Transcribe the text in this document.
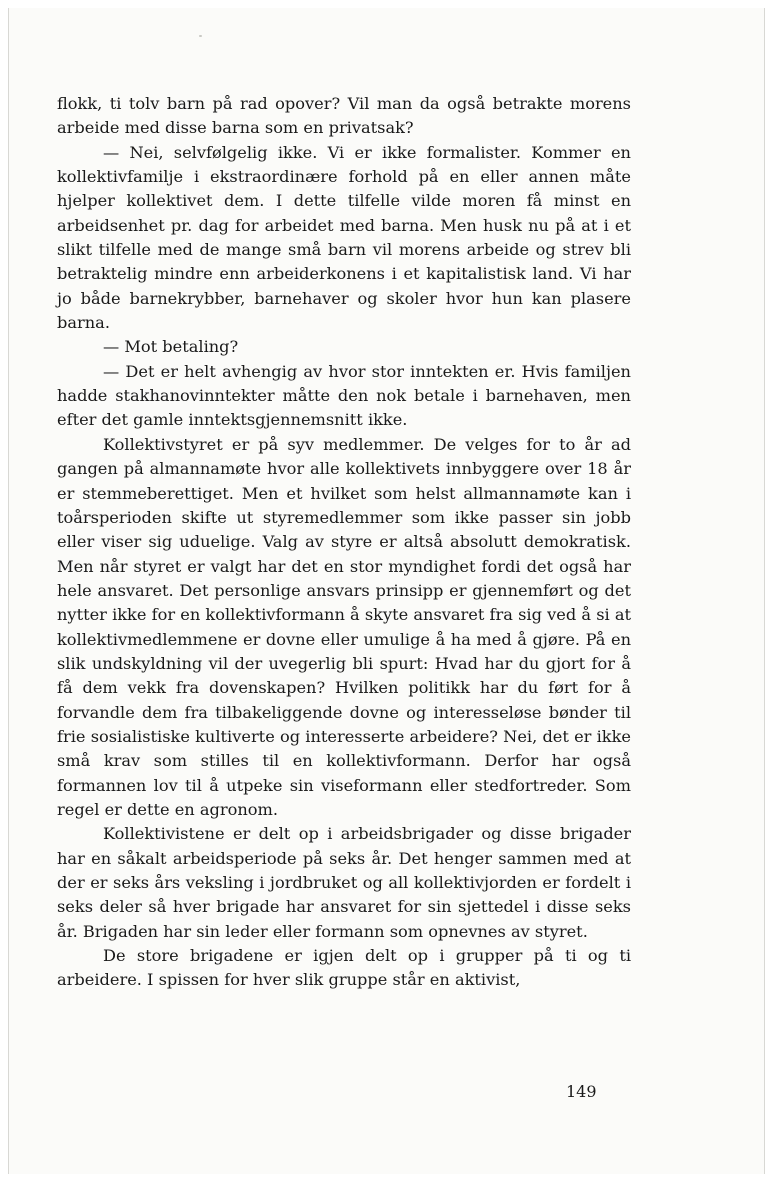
flokk, ti tolv barn på rad opover? Vil man da også betrakte morens arbeide med disse barna som en privatsak?

— Nei, selvfølgelig ikke. Vi er ikke formalister. Kommer en kollektivfamilje i ekstraordinære forhold på en eller annen måte hjelper kollektivet dem. I dette tilfelle vilde moren få minst en arbeidsenhet pr. dag for arbeidet med barna. Men husk nu på at i et slikt tilfelle med de mange små barn vil morens arbeide og strev bli betraktelig mindre enn arbeiderkonens i et kapitalistisk land. Vi har jo både barnekrybber, barnehaver og skoler hvor hun kan plasere barna.

— Mot betaling?

— Det er helt avhengig av hvor stor inntekten er. Hvis familjen hadde stakhanovinntekter måtte den nok betale i barnehaven, men efter det gamle inntektsgjennemsnitt ikke.

Kollektivstyret er på syv medlemmer. De velges for to år ad gangen på almannamøte hvor alle kollektivets innbyggere over 18 år er stemmeberettiget. Men et hvilket som helst allmannamøte kan i toårsperioden skifte ut styremedlemmer som ikke passer sin jobb eller viser sig uduelige. Valg av styre er altså absolutt demokratisk. Men når styret er valgt har det en stor myndighet fordi det også har hele ansvaret. Det personlige ansvars prinsipp er gjennemført og det nytter ikke for en kollektivformann å skyte ansvaret fra sig ved å si at kollektivmedlemmene er dovne eller umulige å ha med å gjøre. På en slik undskyldning vil der uvegerlig bli spurt: Hvad har du gjort for å få dem vekk fra dovenskapen? Hvilken politikk har du ført for å forvandle dem fra tilbakeliggende dovne og interesseløse bønder til frie sosialistiske kultiverte og interesserte arbeidere? Nei, det er ikke små krav som stilles til en kollektivformann. Derfor har også formannen lov til å utpeke sin viseformann eller stedfortreder. Som regel er dette en agronom.

Kollektivistene er delt op i arbeidsbrigader og disse brigader har en såkalt arbeidsperiode på seks år. Det henger sammen med at der er seks års veksling i jordbruket og all kollektivjorden er fordelt i seks deler så hver brigade har ansvaret for sin sjettedel i disse seks år. Brigaden har sin leder eller formann som opnevnes av styret.

De store brigadene er igjen delt op i grupper på ti og ti arbeidere. I spissen for hver slik gruppe står en aktivist,

149
